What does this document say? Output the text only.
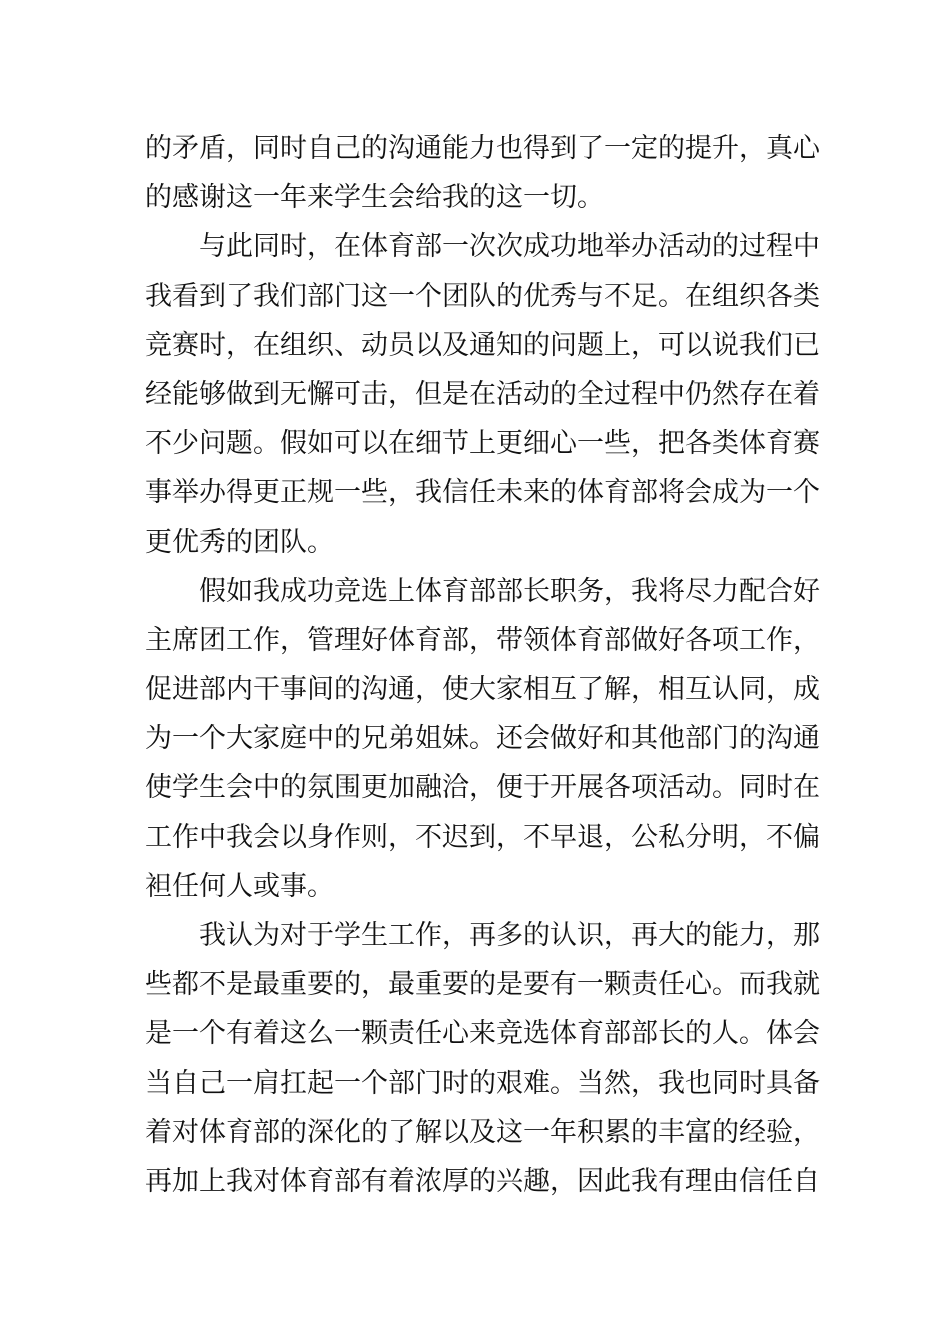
的矛盾，同时自己的沟通能力也得到了一定的提升，真心
的感谢这一年来学生会给我的这一切。
与此同时，在体育部一次次成功地举办活动的过程中
我看到了我们部门这一个团队的优秀与不足。在组织各类
竞赛时，在组织、动员以及通知的问题上，可以说我们已
经能够做到无懈可击，但是在活动的全过程中仍然存在着
不少问题。假如可以在细节上更细心一些，把各类体育赛
事举办得更正规一些，我信任未来的体育部将会成为一个
更优秀的团队。
假如我成功竞选上体育部部长职务，我将尽力配合好
主席团工作，管理好体育部，带领体育部做好各项工作，
促进部内干事间的沟通，使大家相互了解，相互认同，成
为一个大家庭中的兄弟姐妹。还会做好和其他部门的沟通
使学生会中的氛围更加融洽，便于开展各项活动。同时在
工作中我会以身作则，不迟到，不早退，公私分明，不偏
袒任何人或事。
我认为对于学生工作，再多的认识，再大的能力，那
些都不是最重要的，最重要的是要有一颗责任心。而我就
是一个有着这么一颗责任心来竞选体育部部长的人。体会
当自己一肩扛起一个部门时的艰难。当然，我也同时具备
着对体育部的深化的了解以及这一年积累的丰富的经验，
再加上我对体育部有着浓厚的兴趣，因此我有理由信任自
